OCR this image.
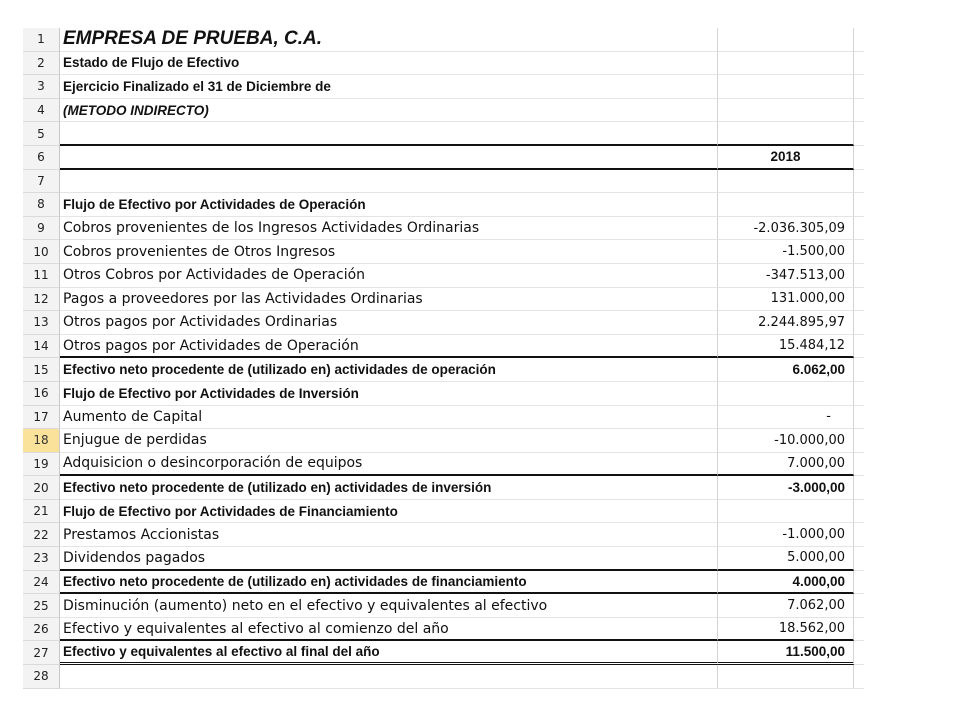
1 EMPRESA DE PRUEBA, C.A.
2	Estado de Flujo de Efectivo
3	Ejercicio Finalizado el 31 de Diciembre de
4	(METODO INDIRECTO)
5
6	2018
7
8	Flujo de Efectivo por Actividades de Operación
9	Cobros provenientes de los Ingresos Actividades Ordinarias	-2.036.305,09
10	Cobros provenientes de Otros Ingresos	-1.500,00
11	Otros Cobros por Actividades de Operación	-347.513,00
12	Pagos a proveedores por las Actividades Ordinarias	131.000,00
13	Otros pagos por Actividades Ordinarias	2.244.895,97
14	Otros pagos por Actividades de Operación	15.484,12
15	Efectivo neto procedente de (utilizado en) actividades de operación	6.062,00
16	Flujo de Efectivo por Actividades de Inversión
17	Aumento de Capital	-
18	Enjugue de perdidas	-10.000,00
19	Adquisicion o desincorporación de equipos	7.000,00
20	Efectivo neto procedente de (utilizado en) actividades de inversión	-3.000,00
21	Flujo de Efectivo por Actividades de Financiamiento
22	Prestamos Accionistas	-1.000,00
23	Dividendos pagados	5.000,00
24	Efectivo neto procedente de (utilizado en) actividades de financiamiento	4.000,00
25	Disminución (aumento) neto en el efectivo y equivalentes al efectivo	7.062,00
26	Efectivo y equivalentes al efectivo al comienzo del año	18.562,00
27	Efectivo y equivalentes al efectivo al final del año	11.500,00
28
